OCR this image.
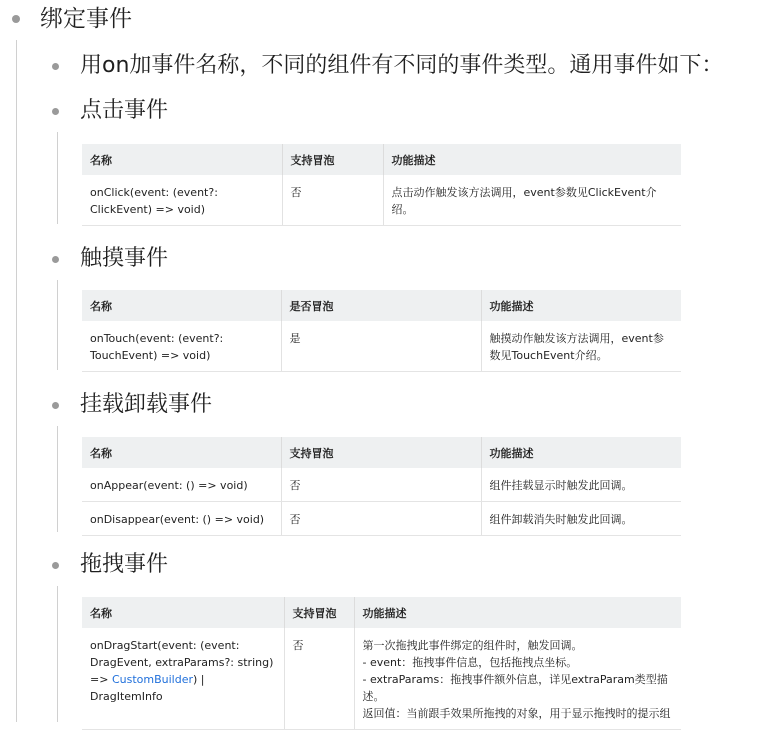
绑定事件
用on加事件名称，不同的组件有不同的事件类型。通用事件如下：
点击事件
名称	支持冒泡	功能描述
onClick(event: (event?: ClickEvent) => void)	否	点击动作触发该方法调用，event参数见ClickEvent介绍。
触摸事件
名称	是否冒泡	功能描述
onTouch(event: (event?: TouchEvent) => void)	是	触摸动作触发该方法调用，event参数见TouchEvent介绍。
挂载卸载事件
名称	支持冒泡	功能描述
onAppear(event: () => void)	否	组件挂载显示时触发此回调。
onDisappear(event: () => void)	否	组件卸载消失时触发此回调。
拖拽事件
名称	支持冒泡	功能描述
onDragStart(event: (event: DragEvent, extraParams?: string) => CustomBuilder) | DragItemInfo	否	第一次拖拽此事件绑定的组件时，触发回调。
- event：拖拽事件信息，包括拖拽点坐标。
- extraParams：拖拽事件额外信息，详见extraParam类型描述。
返回值：当前跟手效果所拖拽的对象，用于显示拖拽时的提示组
